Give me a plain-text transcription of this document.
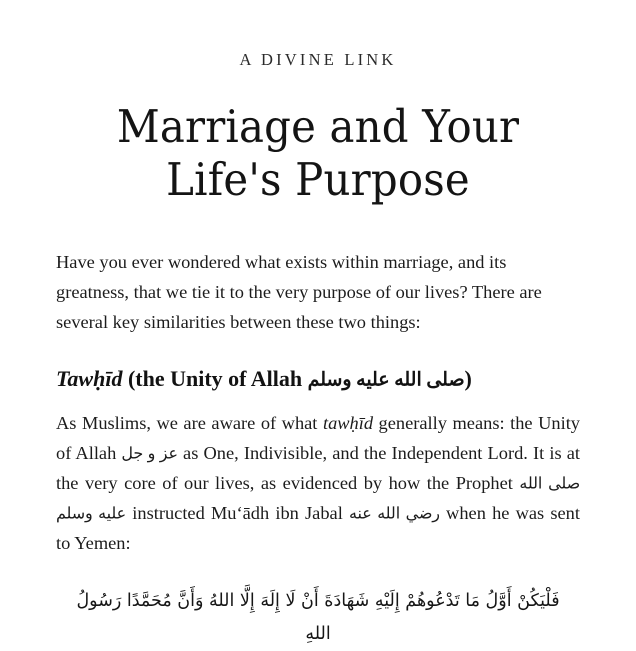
A DIVINE LINK
Marriage and Your
Life's Purpose

Have you ever wondered what exists within marriage, and its greatness, that we tie it to the very purpose of our lives? There are several key similarities between these two things:

Tawḥīd (the Unity of Allah صلى الله عليه وسلم)

As Muslims, we are aware of what tawḥīd generally means: the Unity of Allah عز و جل as One, Indivisible, and the Independent Lord. It is at the very core of our lives, as evidenced by how the Prophet صلى الله عليه وسلم instructed Mu‘ādh ibn Jabal رضي الله عنه when he was sent to Yemen:

فَلْيَكُنْ أَوَّلُ مَا تَدْعُوهُمْ إِلَيْهِ شَهَادَةَ أَنْ لَا إِلَهَ إِلَّا اللهُ وَأَنَّ مُحَمَّدًا رَسُولُ اللهِ
